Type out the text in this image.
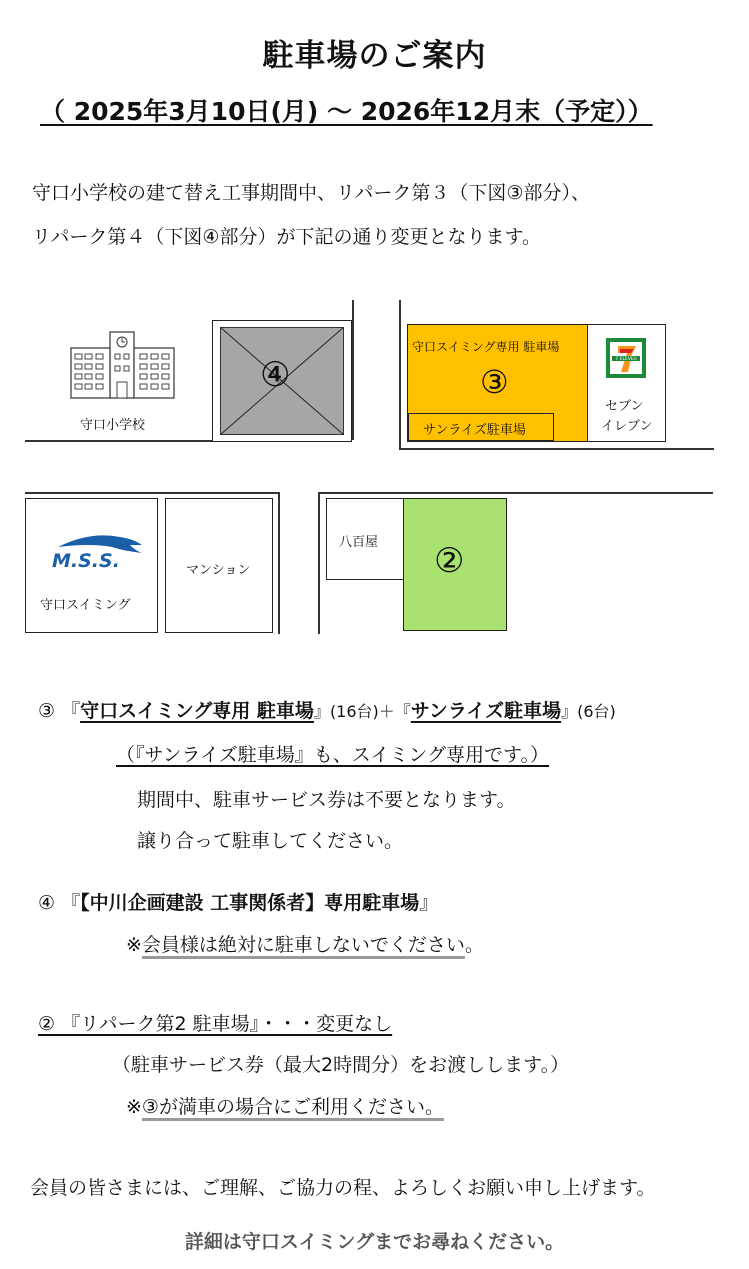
駐車場のご案内
（ 2025年3月10日(月) ～ 2026年12月末（予定））
守口小学校の建て替え工事期間中、リパーク第３（下図③部分）、
リパーク第４（下図④部分）が下記の通り変更となります。
守口小学校
④
守口スイミング専用 駐車場
③
サンライズ駐車場
7 ELEVEn
セブン
イレブン
M.S.S.
守口スイミング
マンション
八百屋 ②
③ 『守口スイミング専用 駐車場』(16台)＋『サンライズ駐車場』(6台)
（『サンライズ駐車場』も、スイミング専用です。）
期間中、駐車サービス券は不要となります。
譲り合って駐車してください。
④ 『【中川企画建設 工事関係者】専用駐車場』
※会員様は絶対に駐車しないでください。
② 『リパーク第2 駐車場』・・・変更なし
（駐車サービス券（最大2時間分）をお渡しします。）
※③が満車の場合にご利用ください。
会員の皆さまには、ご理解、ご協力の程、よろしくお願い申し上げます。
詳細は守口スイミングまでお尋ねください。
